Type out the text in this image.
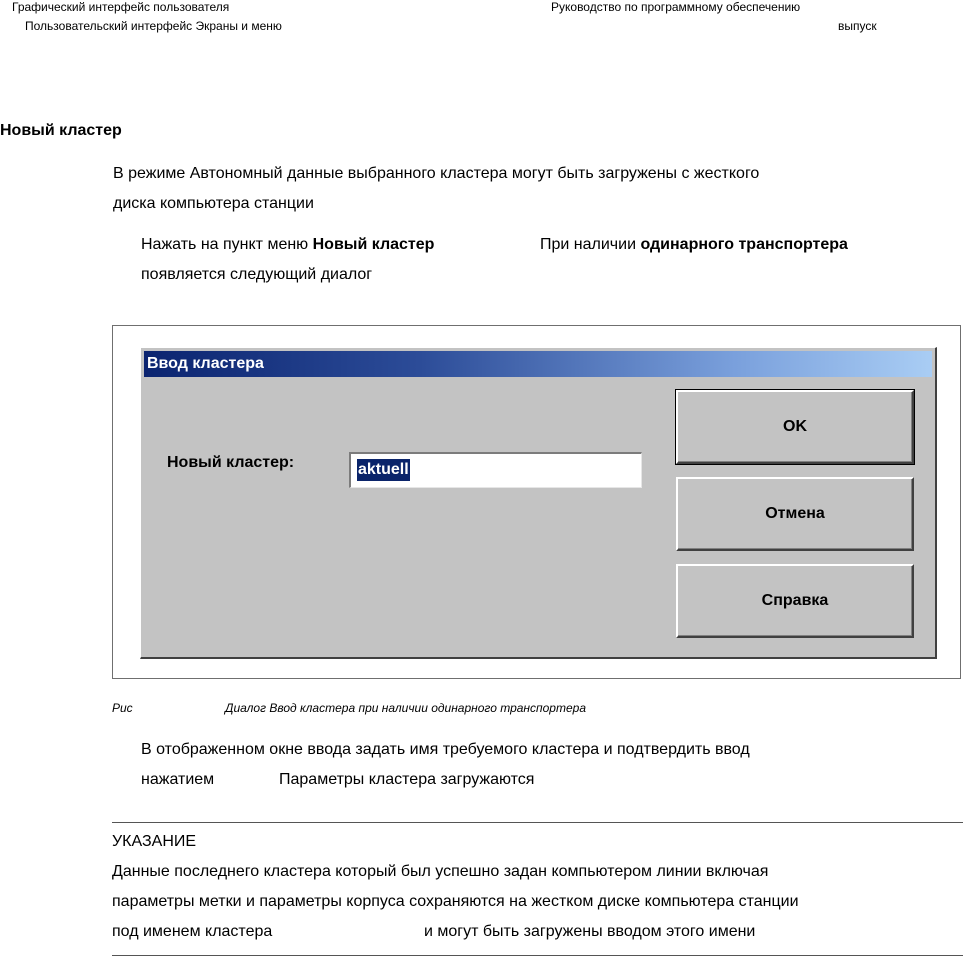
Графический интерфейс пользователя
Пользовательский интерфейс Экраны и меню
Руководство по программному обеспечению
выпуск
Новый кластер
В режиме Автономный данные выбранного кластера могут быть загружены с жесткого
диска компьютера станции
Нажать на пункт меню Новый кластер	При наличии одинарного транспортера
появляется следующий диалог
Ввод кластера
Новый кластер:	aktuell
OK
Отмена
Справка
Рис	Диалог Ввод кластера при наличии одинарного транспортера
В отображенном окне ввода задать имя требуемого кластера и подтвердить ввод
нажатием	Параметры кластера загружаются
УКАЗАНИЕ
Данные последнего кластера который был успешно задан компьютером линии включая
параметры метки и параметры корпуса сохраняются на жестком диске компьютера станции
под именем кластера	и могут быть загружены вводом этого имени
